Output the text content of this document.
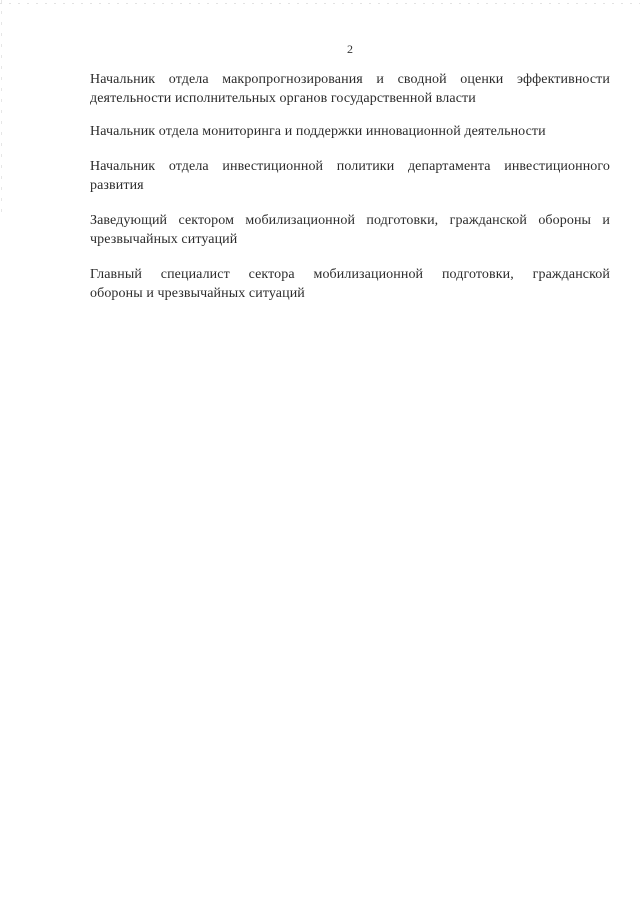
2
Начальник отдела макропрогнозирования и сводной оценки эффективности
деятельности исполнительных органов государственной власти
Начальник отдела мониторинга и поддержки инновационной деятельности
Начальник отдела инвестиционной политики департамента инвестиционного
развития
Заведующий сектором мобилизационной подготовки, гражданской обороны и
чрезвычайных ситуаций
Главный специалист сектора мобилизационной подготовки, гражданской
обороны и чрезвычайных ситуаций
